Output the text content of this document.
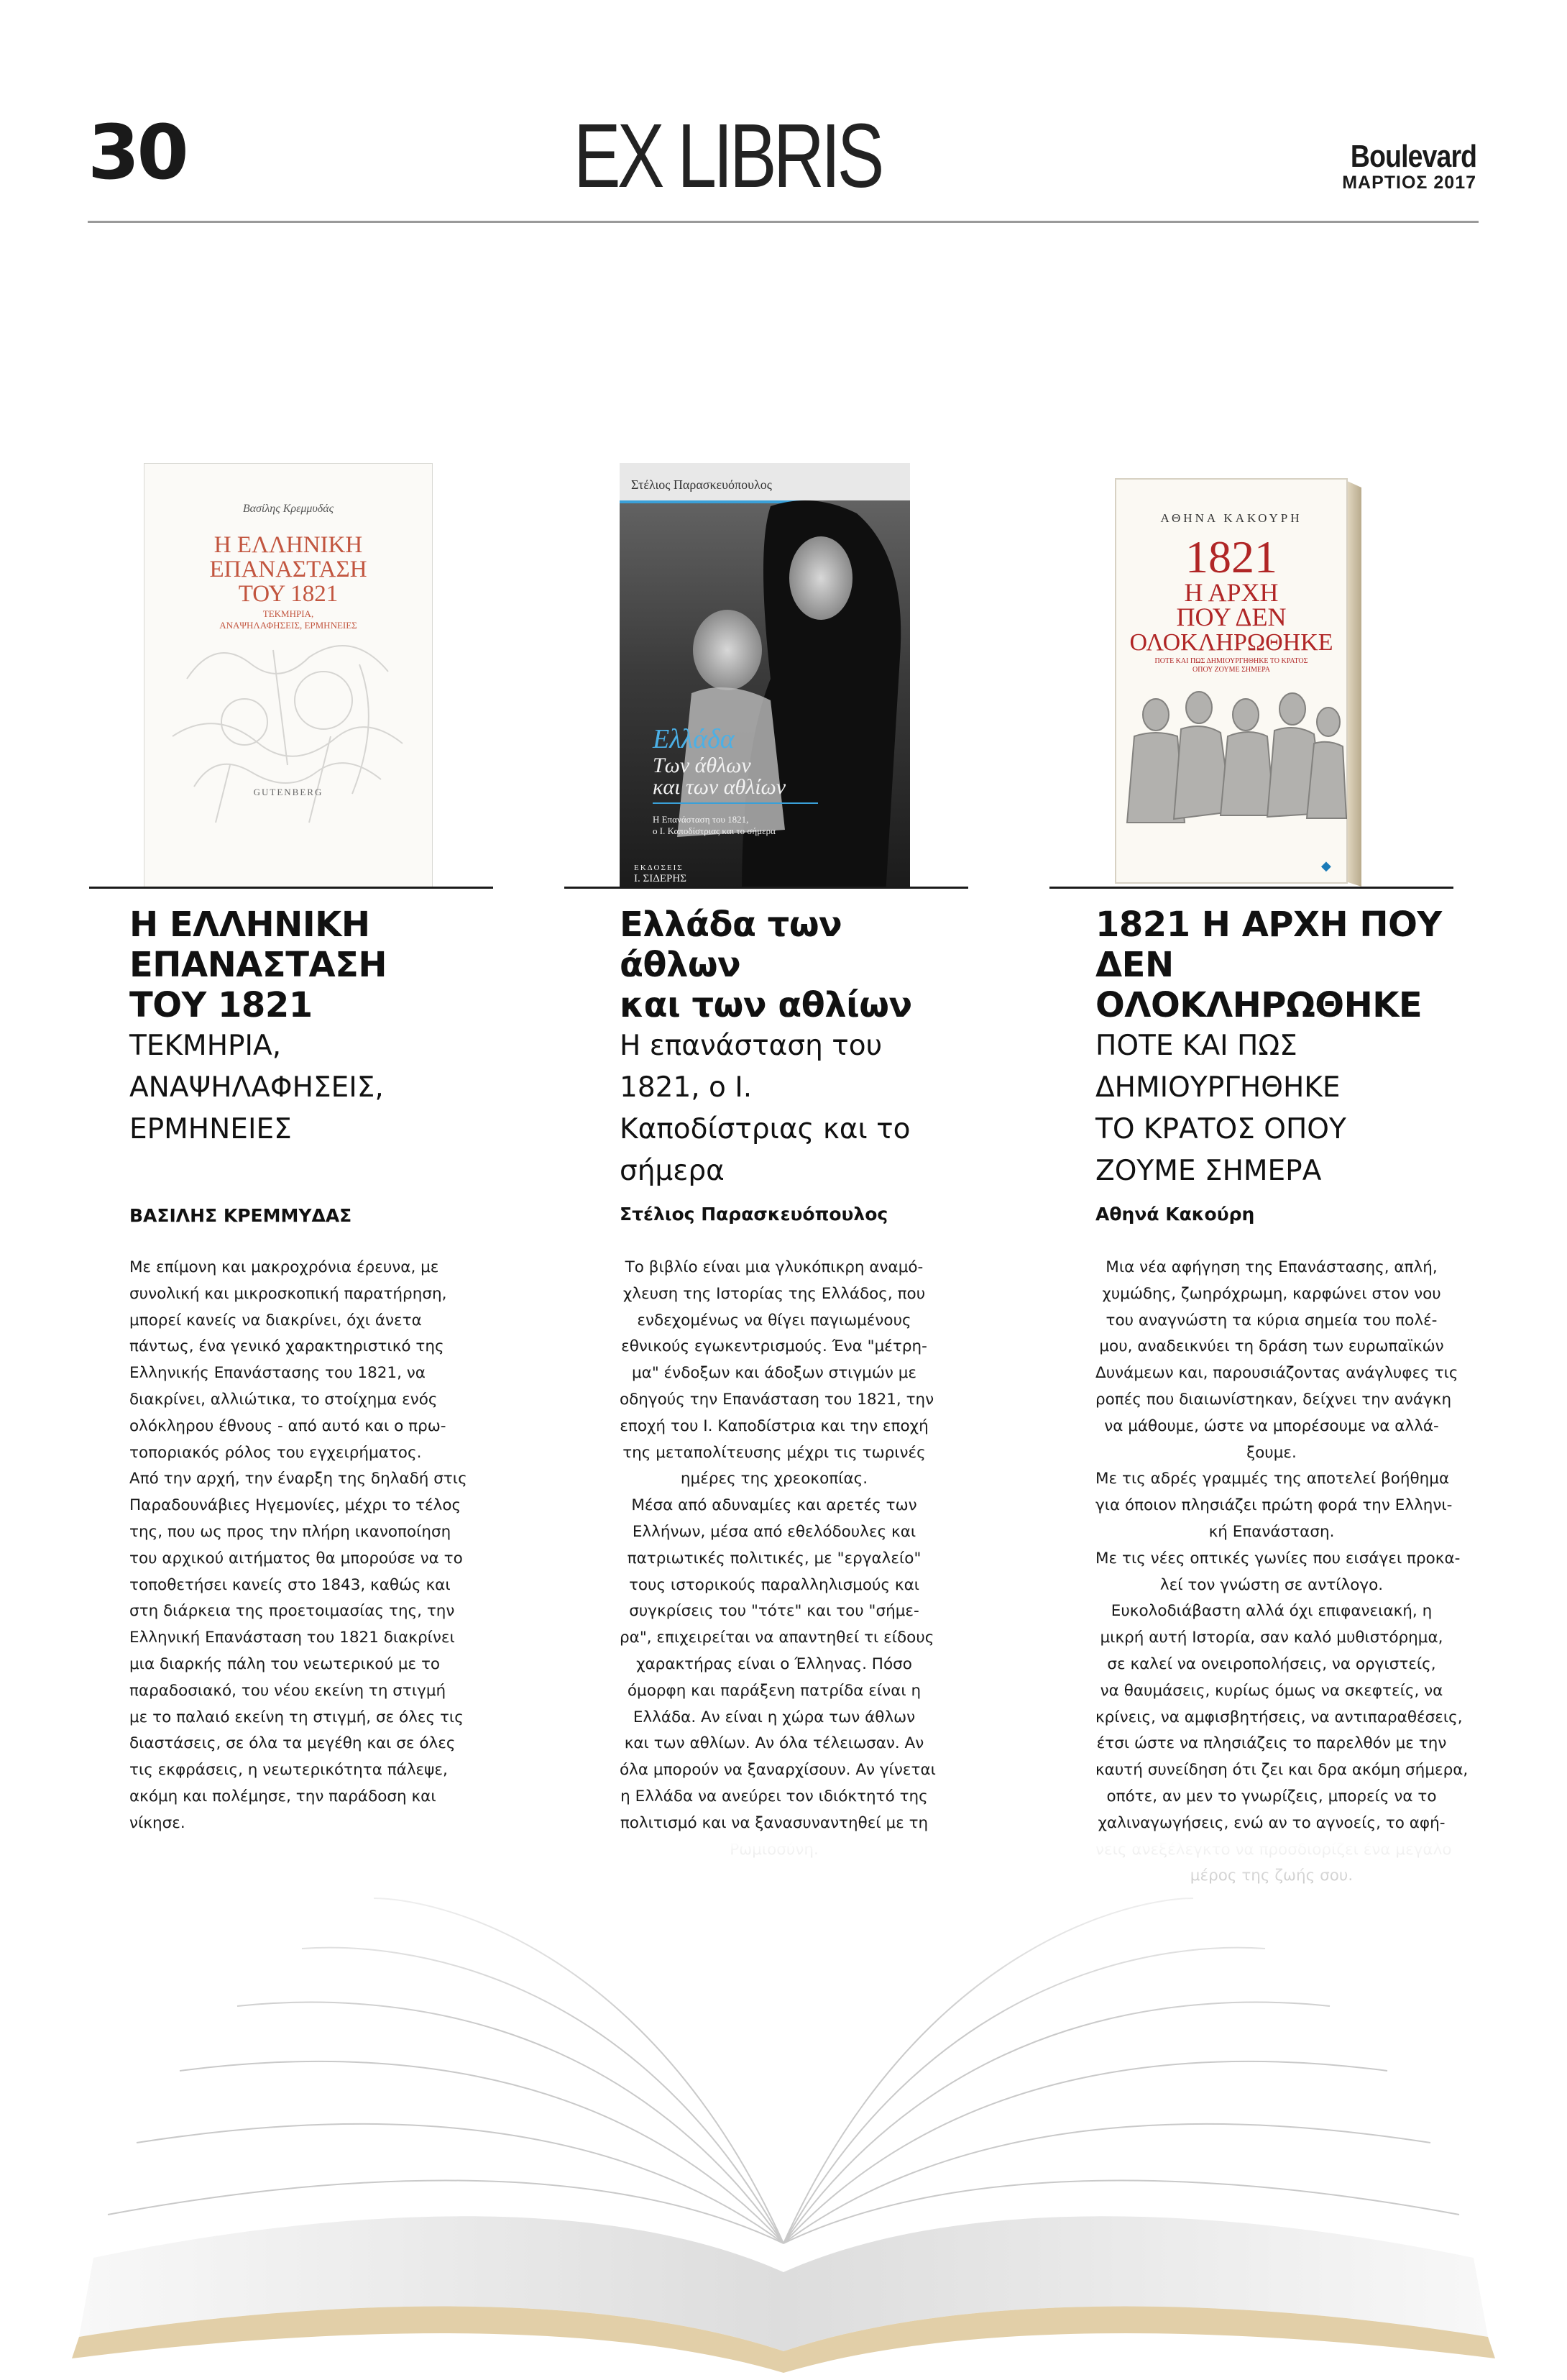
30	EX LIBRIS	Boulevard
ΜΑΡΤΙΟΣ 2017
Βασίλης Κρεμμυδάς
Η ΕΛΛΗΝΙΚΗ
ΕΠΑΝΑΣΤΑΣΗ
ΤΟΥ 1821
ΤΕΚΜΗΡΙΑ,
ΑΝΑΨΗΛΑΦΗΣΕΙΣ, ΕΡΜΗΝΕΙΕΣ
GUTENBERG
Στέλιος Παρασκευόπουλος
Ελλάδα
Των άθλων
και των αθλίων
Η Επανάσταση του 1821,
ο Ι. Καποδίστριας και το σήμερα
ΕΚΔΟΣΕΙΣ
Ι. ΣΙΔΕΡΗΣ
ΑΘΗΝΑ ΚΑΚΟΥΡΗ
1821
Η ΑΡΧΗ
ΠΟΥ ΔΕΝ
ΟΛΟΚΛΗΡΩΘΗΚΕ
ΠΟΤΕ ΚΑΙ ΠΩΣ ΔΗΜΙΟΥΡΓΗΘΗΚΕ ΤΟ ΚΡΑΤΟΣ
ΟΠΟΥ ΖΟΥΜΕ ΣΗΜΕΡΑ
◆
Η ΕΛΛΗΝΙΚΗ
ΕΠΑΝΑΣΤΑΣΗ
ΤΟΥ 1821
ΤΕΚΜΗΡΙΑ,
ΑΝΑΨΗΛΑΦΗΣΕΙΣ,
ΕΡΜΗΝΕΙΕΣ
ΒΑΣΙΛΗΣ ΚΡΕΜΜΥΔΑΣ

Με επίμονη και μακροχρόνια έρευνα, με

συνολική και μικροσκοπική παρατήρηση,

μπορεί κανείς να διακρίνει, όχι άνετα

πάντως, ένα γενικό χαρακτηριστικό της

Ελληνικής Επανάστασης του 1821, να

διακρίνει, αλλιώτικα, το στοίχημα ενός

ολόκληρου έθνους - από αυτό και ο πρω-

τοποριακός ρόλος του εγχειρήματος.

Από την αρχή, την έναρξη της δηλαδή στις

Παραδουνάβιες Ηγεμονίες, μέχρι το τέλος

της, που ως προς την πλήρη ικανοποίηση

του αρχικού αιτήματος θα μπορούσε να το

τοποθετήσει κανείς στο 1843, καθώς και

στη διάρκεια της προετοιμασίας της, την

Ελληνική Επανάσταση του 1821 διακρίνει

μια διαρκής πάλη του νεωτερικού με το

παραδοσιακό, του νέου εκείνη τη στιγμή

με το παλαιό εκείνη τη στιγμή, σε όλες τις

διαστάσεις, σε όλα τα μεγέθη και σε όλες

τις εκφράσεις, η νεωτερικότητα πάλεψε,

ακόμη και πολέμησε, την παράδοση και

νίκησε.

Ελλάδα των άθλων
και των αθλίων
Η επανάσταση του 1821, ο Ι.
Καποδίστριας και το σήμερα
Στέλιος Παρασκευόπουλος

Το βιβλίο είναι μια γλυκόπικρη αναμό-

χλευση της Ιστορίας της Ελλάδος, που

ενδεχομένως να θίγει παγιωμένους

εθνικούς εγωκεντρισμούς. Ένα "μέτρη-

μα" ένδοξων και άδοξων στιγμών με

οδηγούς την Επανάσταση του 1821, την

εποχή του Ι. Καποδίστρια και την εποχή

της μεταπολίτευσης μέχρι τις τωρινές

ημέρες της χρεοκοπίας.

Μέσα από αδυναμίες και αρετές των

Ελλήνων, μέσα από εθελόδουλες και

πατριωτικές πολιτικές, με "εργαλείο"

τους ιστορικούς παραλληλισμούς και

συγκρίσεις του "τότε" και του "σήμε-

ρα", επιχειρείται να απαντηθεί τι είδους

χαρακτήρας είναι ο Έλληνας. Πόσο

όμορφη και παράξενη πατρίδα είναι η

Ελλάδα. Αν είναι η χώρα των άθλων

και των αθλίων. Αν όλα τέλειωσαν. Αν

όλα μπορούν να ξαναρχίσουν. Αν γίνεται

η Ελλάδα να ανεύρει τον ιδιόκτητό της

πολιτισμό και να ξανασυναντηθεί με τη

1821 Η ΑΡΧΗ ΠΟΥ
ΔΕΝ ΟΛΟΚΛΗΡΩΘΗΚΕ
ΠΟΤΕ ΚΑΙ ΠΩΣ
ΔΗΜΙΟΥΡΓΗΘΗΚΕ
ΤΟ ΚΡΑΤΟΣ ΟΠΟΥ
ΖΟΥΜΕ ΣΗΜΕΡΑ
Αθηνά Κακούρη

Μια νέα αφήγηση της Επανάστασης, απλή,

χυμώδης, ζωηρόχρωμη, καρφώνει στον νου

του αναγνώστη τα κύρια σημεία του πολέ-

μου, αναδεικνύει τη δράση των ευρωπαϊκών

Δυνάμεων και, παρουσιάζοντας ανάγλυφες τις

ροπές που διαιωνίστηκαν, δείχνει την ανάγκη

να μάθουμε, ώστε να μπορέσουμε να αλλά-

ξουμε.

Με τις αδρές γραμμές της αποτελεί βοήθημα

για όποιον πλησιάζει πρώτη φορά την Ελληνι-

κή Επανάσταση.

Με τις νέες οπτικές γωνίες που εισάγει προκα-

λεί τον γνώστη σε αντίλογο.

Ευκολοδιάβαστη αλλά όχι επιφανειακή, η

μικρή αυτή Ιστορία, σαν καλό μυθιστόρημα,

σε καλεί να ονειροπολήσεις, να οργιστείς,

να θαυμάσεις, κυρίως όμως να σκεφτείς, να

κρίνεις, να αμφισβητήσεις, να αντιπαραθέσεις,

έτσι ώστε να πλησιάζεις το παρελθόν με την

καυτή συνείδηση ότι ζει και δρα ακόμη σήμερα,

οπότε, αν μεν το γνωρίζεις, μπορείς να το

χαλιναγωγήσεις, ενώ αν το αγνοείς, το αφή-
